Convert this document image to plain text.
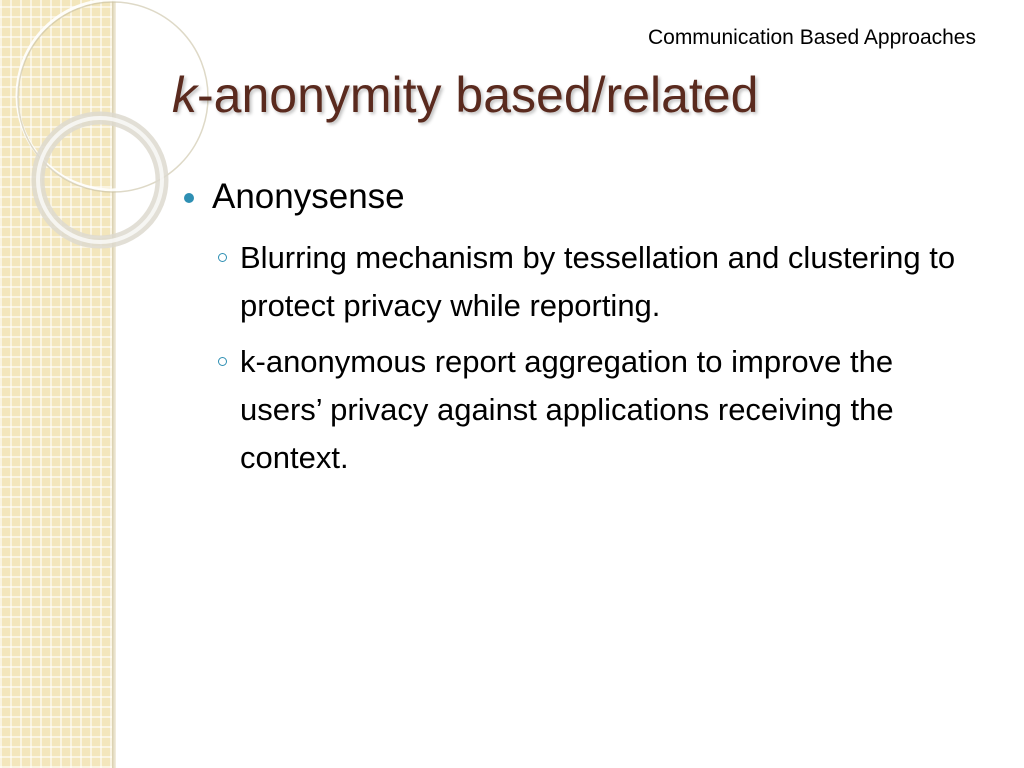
Communication Based Approaches
k-anonymity based/related
Anonysense
Blurring mechanism by tessellation and clustering to protect privacy while reporting.
k-anonymous report aggregation to improve the users’ privacy against applications receiving the context.
